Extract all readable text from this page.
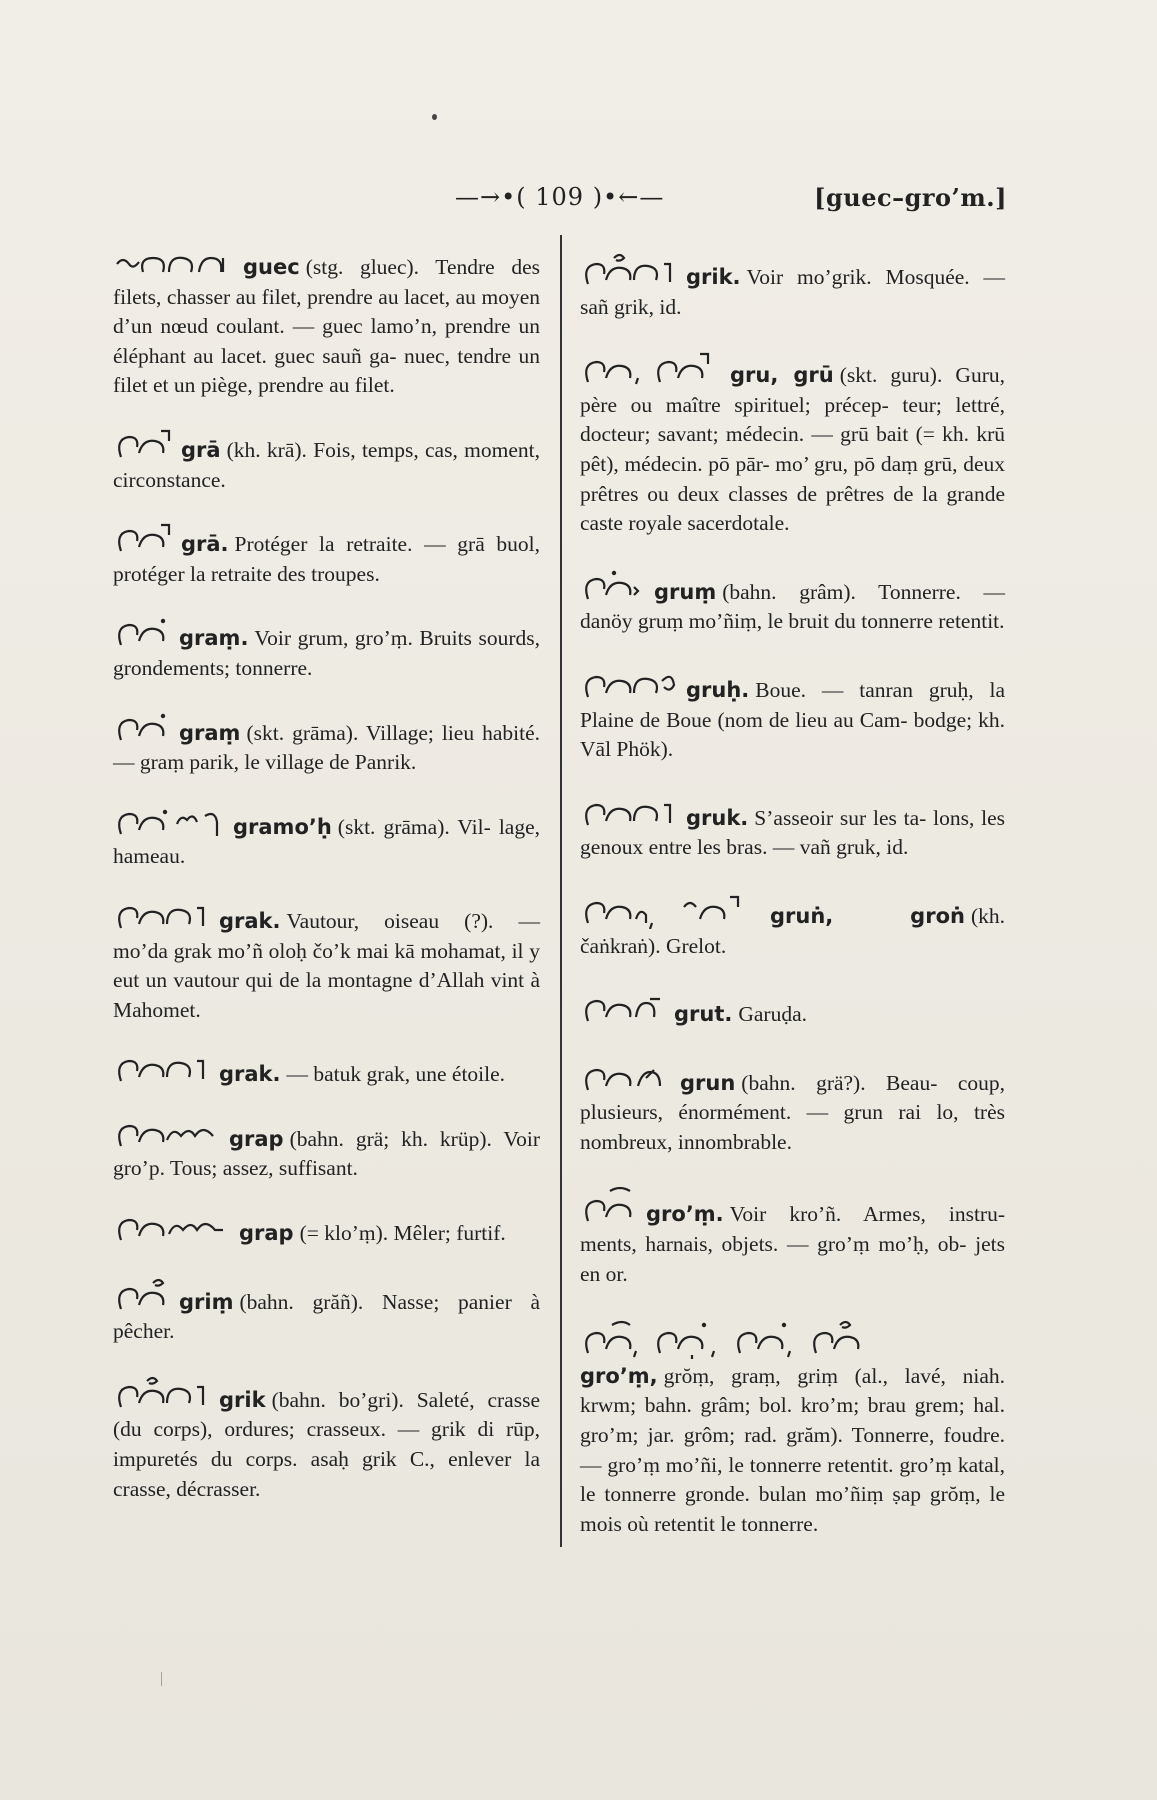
—→•( 109 )•←—	[guec–gro’m.]
guec (stg. gluec). Tendre des filets, chasser au filet, prendre au lacet, au moyen d’un nœud coulant. — guec lamo’n, prendre un éléphant au lacet. guec sauñ ga- nuec, tendre un filet et un piège, prendre au filet.
grā (kh. krā). Fois, temps, cas, moment, circonstance.
grā. Protéger la retraite. — grā buol, protéger la retraite des troupes.
graṃ. Voir grum, gro’ṃ. Bruits sourds, grondements; tonnerre.
graṃ (skt. grāma). Village; lieu habité. — graṃ parik, le village de Panrik.
gramo’ḥ (skt. grāma). Vil- lage, hameau.
grak. Vautour, oiseau (?). — mo’da grak mo’ñ oloḥ čo’k mai kā mohamat, il y eut un vautour qui de la montagne d’Allah vint à Mahomet.
grak. — batuk grak, une étoile.
grap (bahn. grä; kh. krüp). Voir gro’p. Tous; assez, suffisant.
grap (= klo’ṃ). Mêler; furtif.
griṃ (bahn. grăñ). Nasse; panier à pêcher.
grik (bahn. bo’gri). Saleté, crasse (du corps), ordures; crasseux. — grik di rūp, impuretés du corps. asaḥ grik C., enlever la crasse, décrasser.
grik. Voir mo’grik. Mosquée. — sañ grik, id.
gru, grū (skt. guru). Guru, père ou maître spirituel; précep- teur; lettré, docteur; savant; médecin. — grū bait (= kh. krū pêt), médecin. pō pār- mo’ gru, pō daṃ grū, deux prêtres ou deux classes de prêtres de la grande caste royale sacerdotale.
gruṃ (bahn. grâm). Tonnerre. — danöy gruṃ mo’ñiṃ, le bruit du tonnerre retentit.
gruḥ. Boue. — tanran gruḥ, la Plaine de Boue (nom de lieu au Cam- bodge; kh. Vāl Phök).
gruk. S’asseoir sur les ta- lons, les genoux entre les bras. — vañ gruk, id.
gruṅ, groṅ (kh. čaṅkraṅ). Grelot.
grut. Garuḍa.
grun (bahn. grä?). Beau- coup, plusieurs, énormément. — grun rai lo, très nombreux, innombrable.
gro’ṃ. Voir kro’ñ. Armes, instru- ments, harnais, objets. — gro’ṃ mo’ḥ, ob- jets en or.
gro’ṃ, grŏṃ, graṃ, griṃ (al., lavé, niah. krwm; bahn. grâm; bol. kro’m; brau grem; hal. gro’m; jar. grôm; rad. grăm). Tonnerre, foudre. — gro’ṃ mo’ñi, le tonnerre retentit. gro’ṃ katal, le tonnerre gronde. bulan mo’ñiṃ ṣap grŏṃ, le mois où retentit le tonnerre.
